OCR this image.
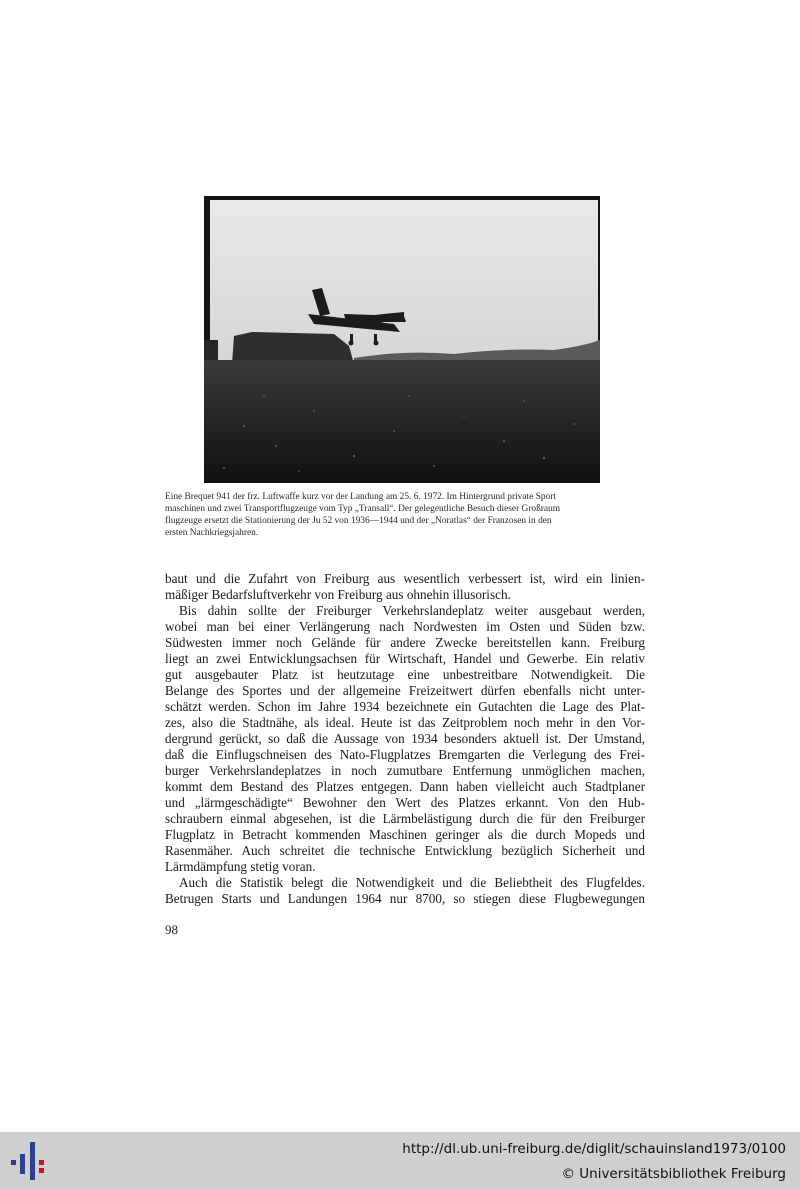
Eine Brequet 941 der frz. Luftwaffe kurz vor der Landung am 25. 6. 1972. Im Hintergrund private Sport
maschinen und zwei Transportflugzeuge vom Typ „Transall“. Der gelegentliche Besuch dieser Großraum
flugzeuge ersetzt die Stationierung der Ju 52 von 1936—1944 und der „Noratlas“ der Franzosen in den
ersten Nachkriegsjahren.
baut und die Zufahrt von Freiburg aus wesentlich verbessert ist, wird ein linien-
mäßiger Bedarfsluftverkehr von Freiburg aus ohnehin illusorisch.
Bis dahin sollte der Freiburger Verkehrslandeplatz weiter ausgebaut werden,
wobei man bei einer Verlängerung nach Nordwesten im Osten und Süden bzw.
Südwesten immer noch Gelände für andere Zwecke bereitstellen kann. Freiburg
liegt an zwei Entwicklungsachsen für Wirtschaft, Handel und Gewerbe. Ein relativ
gut ausgebauter Platz ist heutzutage eine unbestreitbare Notwendigkeit. Die
Belange des Sportes und der allgemeine Freizeitwert dürfen ebenfalls nicht unter-
schätzt werden. Schon im Jahre 1934 bezeichnete ein Gutachten die Lage des Plat-
zes, also die Stadtnähe, als ideal. Heute ist das Zeitproblem noch mehr in den Vor-
dergrund gerückt, so daß die Aussage von 1934 besonders aktuell ist. Der Umstand,
daß die Einflugschneisen des Nato-Flugplatzes Bremgarten die Verlegung des Frei-
burger Verkehrslandeplatzes in noch zumutbare Entfernung unmöglichen machen,
kommt dem Bestand des Platzes entgegen. Dann haben vielleicht auch Stadtplaner
und „lärmgeschädigte“ Bewohner den Wert des Platzes erkannt. Von den Hub-
schraubern einmal abgesehen, ist die Lärmbelästigung durch die für den Freiburger
Flugplatz in Betracht kommenden Maschinen geringer als die durch Mopeds und
Rasenmäher. Auch schreitet die technische Entwicklung bezüglich Sicherheit und
Lärmdämpfung stetig voran.
Auch die Statistik belegt die Notwendigkeit und die Beliebtheit des Flugfeldes.
Betrugen Starts und Landungen 1964 nur 8700, so stiegen diese Flugbewegungen
98
http://dl.ub.uni-freiburg.de/diglit/schauinsland1973/0100
© Universitätsbibliothek Freiburg
